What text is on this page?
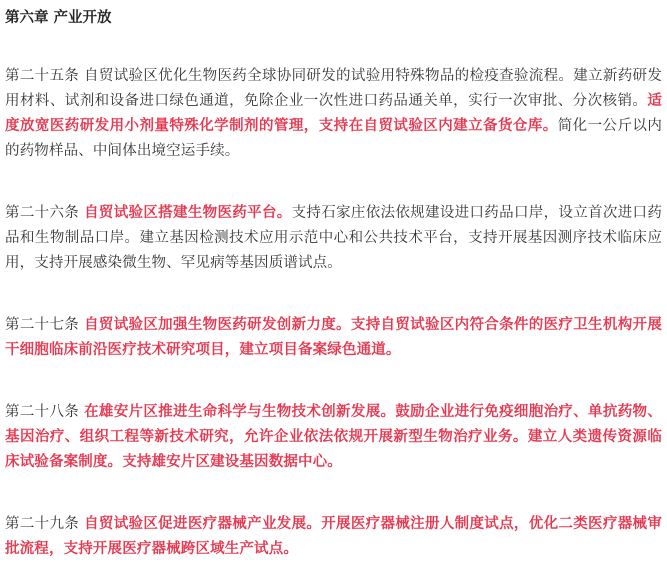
第六章 产业开放

第二十五条 自贸试验区优化生物医药全球协同研发的试验用特殊物品的检疫查验流程。建立新药研发用材料、试剂和设备进口绿色通道，免除企业一次性进口药品通关单，实行一次审批、分次核销。适度放宽医药研发用小剂量特殊化学制剂的管理，支持在自贸试验区内建立备货仓库。简化一公斤以内的药物样品、中间体出境空运手续。

第二十六条 自贸试验区搭建生物医药平台。支持石家庄依法依规建设进口药品口岸，设立首次进口药品和生物制品口岸。建立基因检测技术应用示范中心和公共技术平台，支持开展基因测序技术临床应用，支持开展感染微生物、罕见病等基因质谱试点。

第二十七条 自贸试验区加强生物医药研发创新力度。支持自贸试验区内符合条件的医疗卫生机构开展干细胞临床前沿医疗技术研究项目，建立项目备案绿色通道。

第二十八条 在雄安片区推进生命科学与生物技术创新发展。鼓励企业进行免疫细胞治疗、单抗药物、基因治疗、组织工程等新技术研究，允许企业依法依规开展新型生物治疗业务。建立人类遗传资源临床试验备案制度。支持雄安片区建设基因数据中心。

第二十九条 自贸试验区促进医疗器械产业发展。开展医疗器械注册人制度试点，优化二类医疗器械审批流程，支持开展医疗器械跨区域生产试点。
